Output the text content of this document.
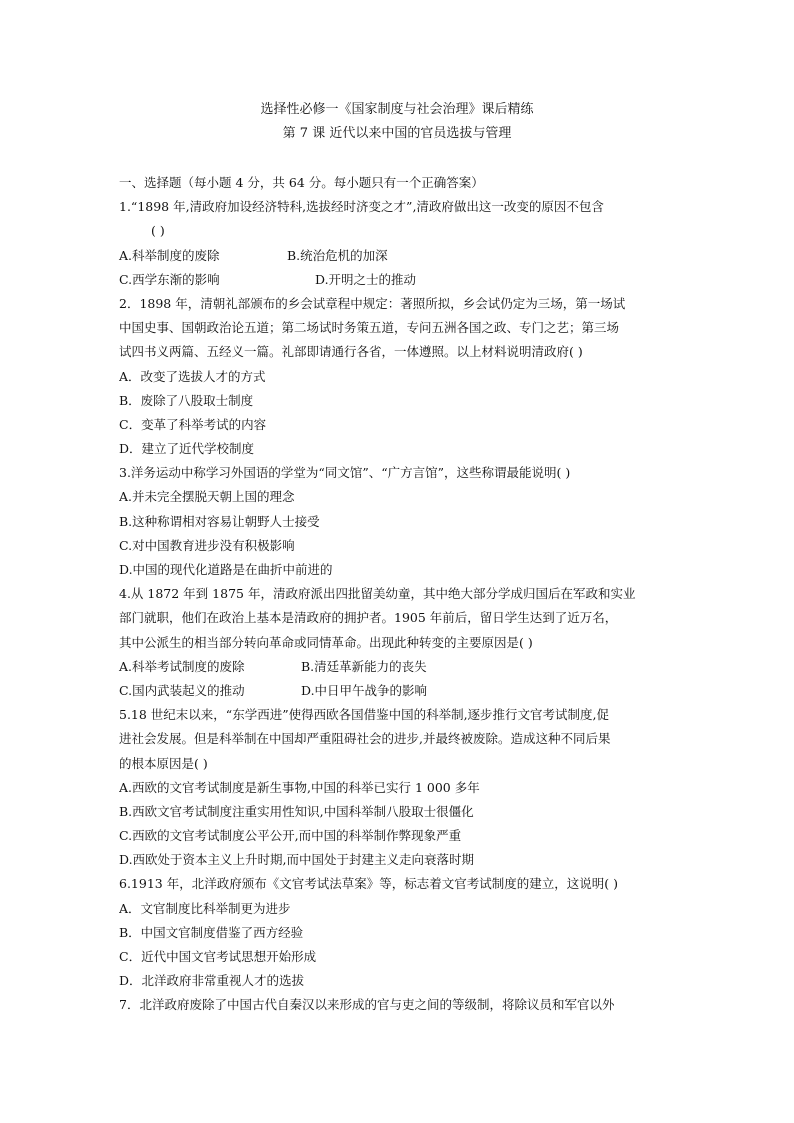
选择性必修一《国家制度与社会治理》课后精练
第 7 课 近代以来中国的官员选拔与管理
一、选择题（每小题 4 分，共 64 分。每小题只有一个正确答案）
1.“1898 年,清政府加设经济特科,选拔经时济变之才”,清政府做出这一改变的原因不包含
( )
A.科举制度的废除	B.统治危机的加深
C.西学东渐的影响	D.开明之士的推动
2．1898 年，清朝礼部颁布的乡会试章程中规定：著照所拟，乡会试仍定为三场，第一场试
中国史事、国朝政治论五道；第二场试时务策五道，专问五洲各国之政、专门之艺；第三场
试四书义两篇、五经义一篇。礼部即请通行各省，一体遵照。以上材料说明清政府( )
A．改变了选拔人才的方式
B．废除了八股取士制度
C．变革了科举考试的内容
D．建立了近代学校制度
3.洋务运动中称学习外国语的学堂为“同文馆”、“广方言馆”，这些称谓最能说明( )
A.并未完全摆脱天朝上国的理念
B.这种称谓相对容易让朝野人士接受
C.对中国教育进步没有积极影响
D.中国的现代化道路是在曲折中前进的
4.从 1872 年到 1875 年，清政府派出四批留美幼童，其中绝大部分学成归国后在军政和实业
部门就职，他们在政治上基本是清政府的拥护者。1905 年前后，留日学生达到了近万名，
其中公派生的相当部分转向革命或同情革命。出现此种转变的主要原因是( )
A.科举考试制度的废除	B.清廷革新能力的丧失
C.国内武装起义的推动	D.中日甲午战争的影响
5.18 世纪末以来，“东学西进”使得西欧各国借鉴中国的科举制,逐步推行文官考试制度,促
进社会发展。但是科举制在中国却严重阻碍社会的进步,并最终被废除。造成这种不同后果
的根本原因是( )
A.西欧的文官考试制度是新生事物,中国的科举已实行 1 000 多年
B.西欧文官考试制度注重实用性知识,中国科举制八股取士很僵化
C.西欧的文官考试制度公平公开,而中国的科举制作弊现象严重
D.西欧处于资本主义上升时期,而中国处于封建主义走向衰落时期
6.1913 年，北洋政府颁布《文官考试法草案》等，标志着文官考试制度的建立，这说明( )
A．文官制度比科举制更为进步
B．中国文官制度借鉴了西方经验
C．近代中国文官考试思想开始形成
D．北洋政府非常重视人才的选拔
7．北洋政府废除了中国古代自秦汉以来形成的官与吏之间的等级制，将除议员和军官以外
